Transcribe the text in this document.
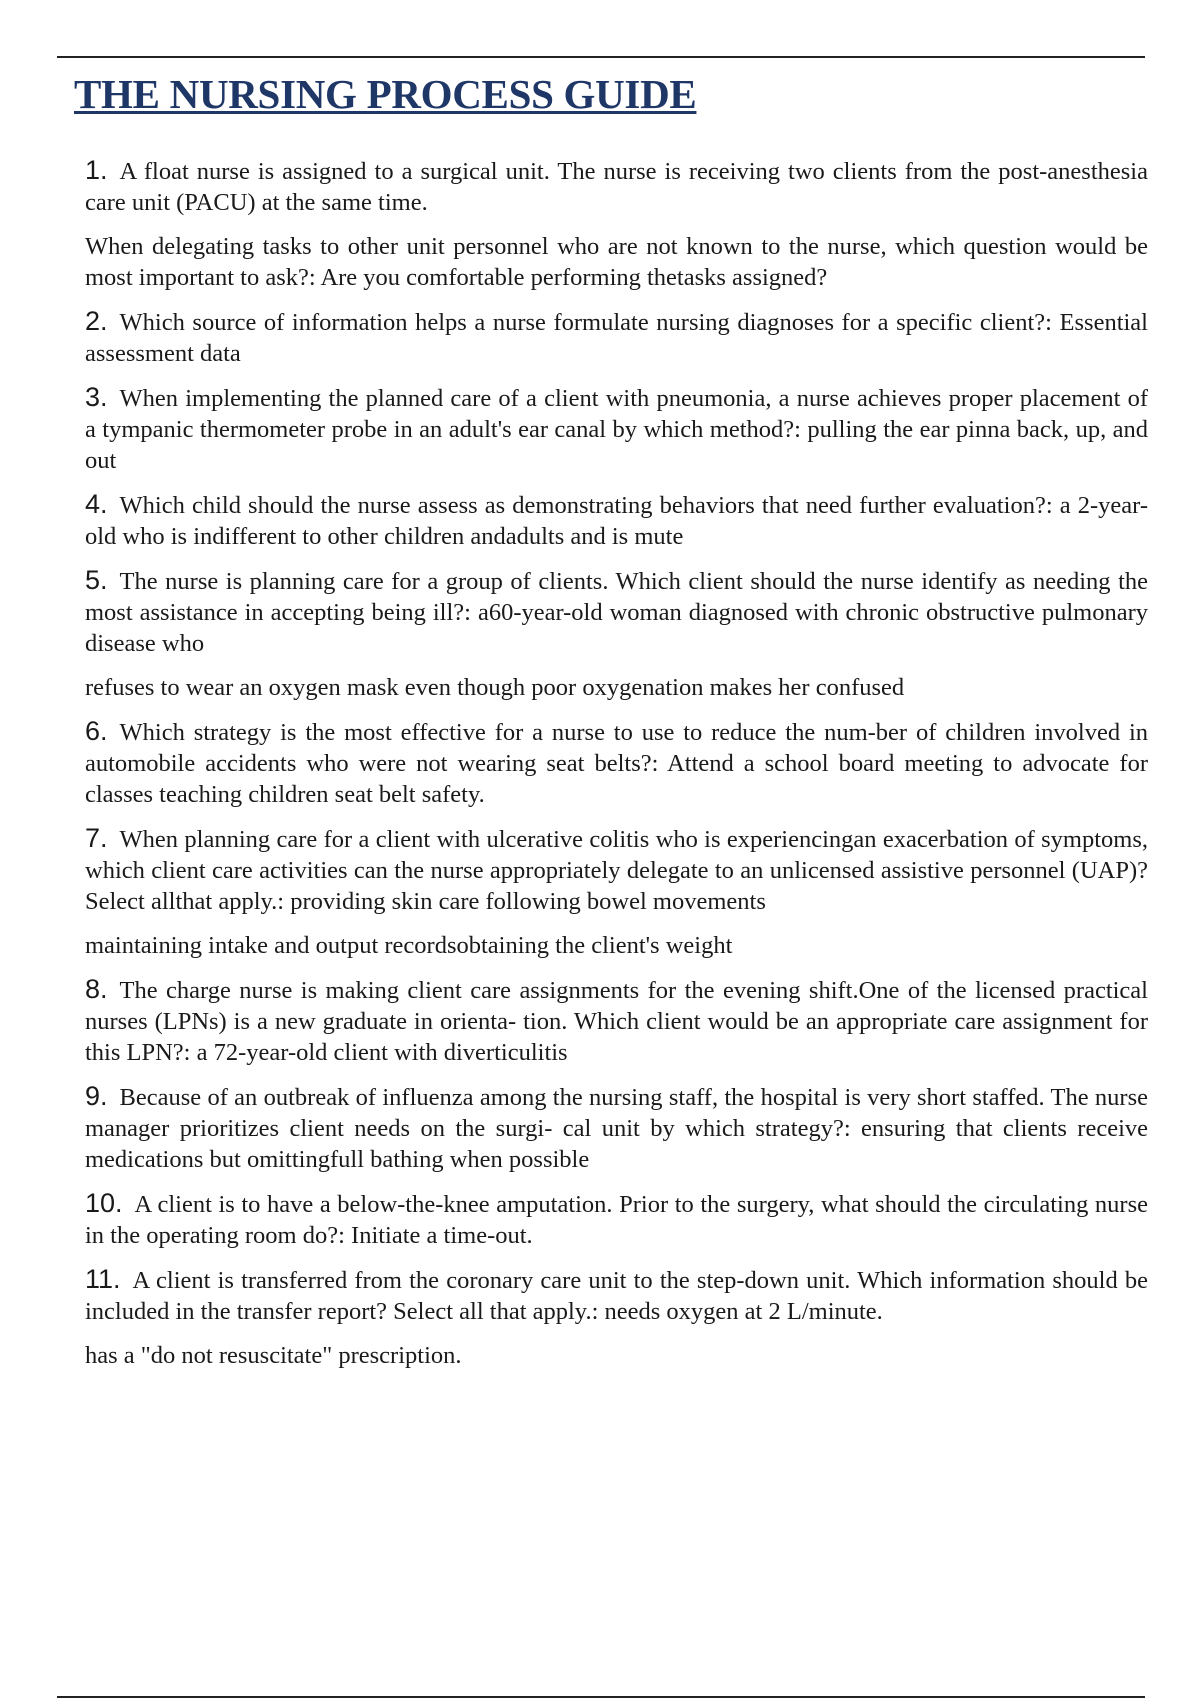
THE NURSING PROCESS GUIDE

1. A float nurse is assigned to a surgical unit. The nurse is receiving two clients from the post-anesthesia care unit (PACU) at the same time.

When delegating tasks to other unit personnel who are not known to the nurse, which question would be most important to ask?: Are you comfortable performing thetasks assigned?

2. Which source of information helps a nurse formulate nursing diagnoses for a specific client?: Essential assessment data

3. When implementing the planned care of a client with pneumonia, a nurse achieves proper placement of a tympanic thermometer probe in an adult's ear canal by which method?: pulling the ear pinna back, up, and out

4. Which child should the nurse assess as demonstrating behaviors that need further evaluation?: a 2-year-old who is indifferent to other children andadults and is mute

5. The nurse is planning care for a group of clients. Which client should the nurse identify as needing the most assistance in accepting being ill?: a60-year-old woman diagnosed with chronic obstructive pulmonary disease who

refuses to wear an oxygen mask even though poor oxygenation makes her confused

6. Which strategy is the most effective for a nurse to use to reduce the num-ber of children involved in automobile accidents who were not wearing seat belts?: Attend a school board meeting to advocate for classes teaching children seat belt safety.

7. When planning care for a client with ulcerative colitis who is experiencingan exacerbation of symptoms, which client care activities can the nurse appropriately delegate to an unlicensed assistive personnel (UAP)? Select allthat apply.: providing skin care following bowel movements

maintaining intake and output recordsobtaining the client's weight

8. The charge nurse is making client care assignments for the evening shift.One of the licensed practical nurses (LPNs) is a new graduate in orienta- tion. Which client would be an appropriate care assignment for this LPN?: a 72-year-old client with diverticulitis

9. Because of an outbreak of influenza among the nursing staff, the hospital is very short staffed. The nurse manager prioritizes client needs on the surgi- cal unit by which strategy?: ensuring that clients receive medications but omittingfull bathing when possible

10. A client is to have a below-the-knee amputation. Prior to the surgery, what should the circulating nurse in the operating room do?: Initiate a time-out.

11. A client is transferred from the coronary care unit to the step-down unit. Which information should be included in the transfer report? Select all that apply.: needs oxygen at 2 L/minute.

has a "do not resuscitate" prescription.
